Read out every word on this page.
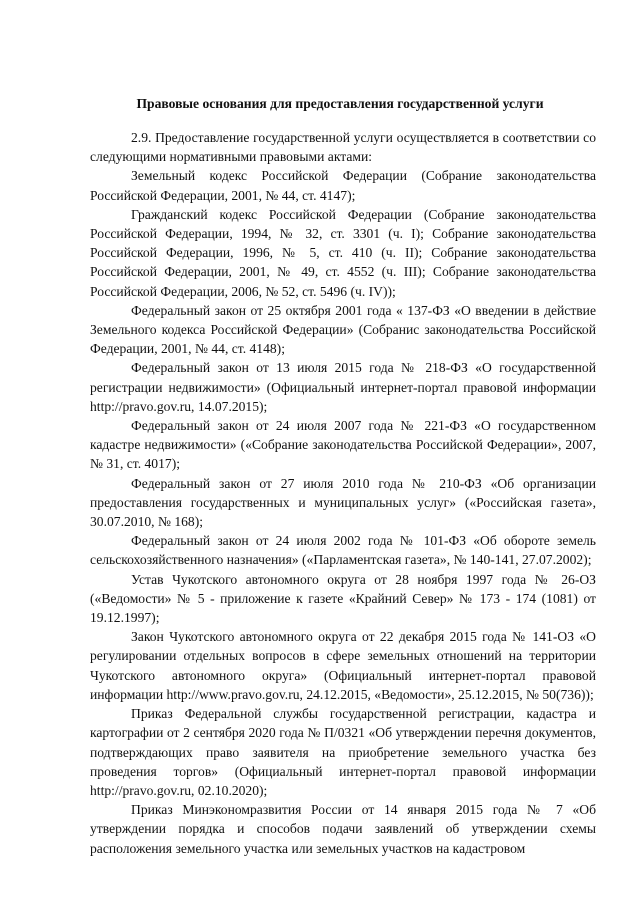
Правовые основания для предоставления государственной услуги

2.9. Предоставление государственной услуги осуществляется в соответствии со следующими нормативными правовыми актами:

Земельный кодекс Российской Федерации (Собрание законодательства Российской Федерации, 2001, № 44, ст. 4147);

Гражданский кодекс Российской Федерации (Собрание законодательства Российской Федерации, 1994, № 32, ст. 3301 (ч. I); Собрание законодательства Российской Федерации, 1996, № 5, ст. 410 (ч. II); Собрание законодательства Российской Федерации, 2001, № 49, ст. 4552 (ч. III); Собрание законодательства Российской Федерации, 2006, № 52, ст. 5496 (ч. IV));

Федеральный закон от 25 октября 2001 года « 137-ФЗ «О введении в действие Земельного кодекса Российской Федерации» (Собранис законодательства Российской Федерации, 2001, № 44, ст. 4148);

Федеральный закон от 13 июля 2015 года № 218-ФЗ «О государственной регистрации недвижимости» (Официальный интернет-портал правовой информации http://pravo.gov.ru, 14.07.2015);

Федеральный закон от 24 июля 2007 года № 221-ФЗ «О государственном кадастре недвижимости» («Собрание законодательства Российской Федерации», 2007, № 31, ст. 4017);

Федеральный закон от 27 июля 2010 года № 210-ФЗ «Об организации предоставления государственных и муниципальных услуг» («Российская газета», 30.07.2010, № 168);

Федеральный закон от 24 июля 2002 года № 101-ФЗ «Об обороте земель сельскохозяйственного назначения» («Парламентская газета», № 140-141, 27.07.2002);

Устав Чукотского автономного округа от 28 ноября 1997 года № 26-ОЗ («Ведомости» № 5 - приложение к газете «Крайний Север» № 173 - 174 (1081) от 19.12.1997);

Закон Чукотского автономного округа от 22 декабря 2015 года № 141-ОЗ «О регулировании отдельных вопросов в сфере земельных отношений на территории Чукотского автономного округа» (Официальный интернет-портал правовой информации http://www.pravo.gov.ru, 24.12.2015, «Ведомости», 25.12.2015, № 50(736));

Приказ Федеральной службы государственной регистрации, кадастра и картографии от 2 сентября 2020 года № П/0321 «Об утверждении перечня документов, подтверждающих право заявителя на приобретение земельного участка без проведения торгов» (Официальный интернет-портал правовой информации http://pravo.gov.ru, 02.10.2020);

Приказ Минэкономразвития России от 14 января 2015 года № 7 «Об утверждении порядка и способов подачи заявлений об утверждении схемы расположения земельного участка или земельных участков на кадастровом
